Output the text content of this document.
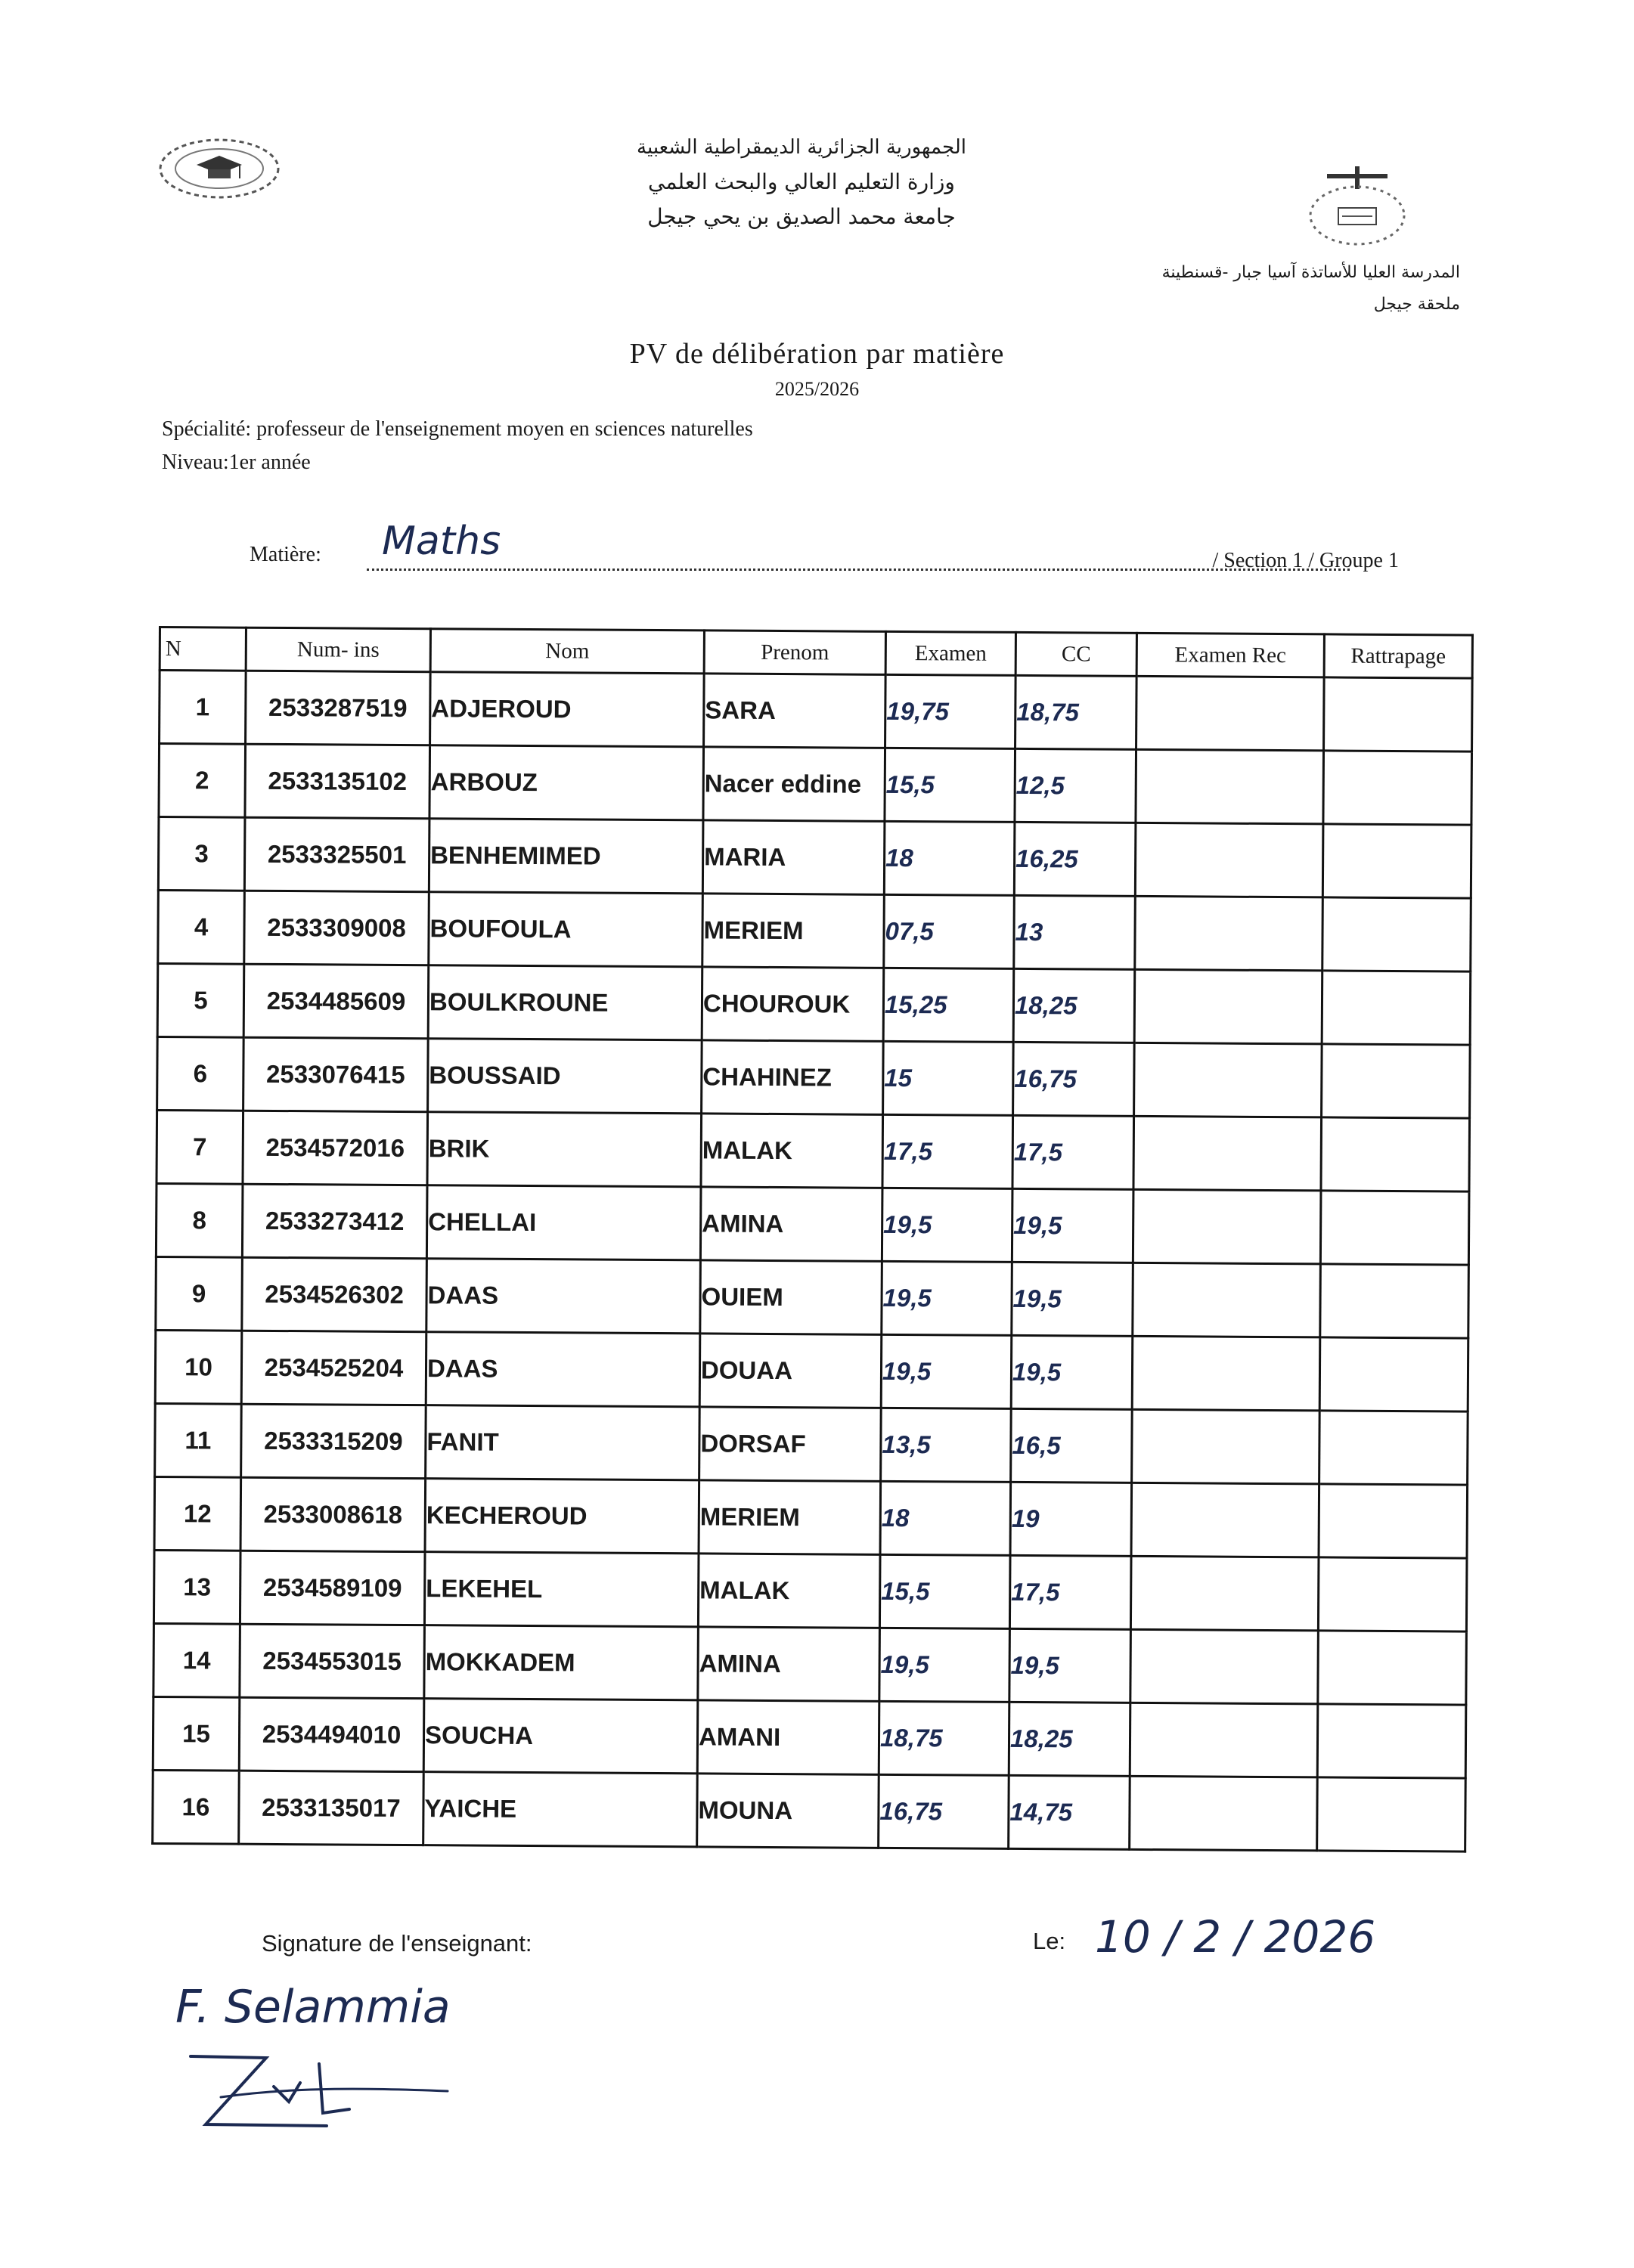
الجمهورية الجزائرية الديمقراطية الشعبية
وزارة التعليم العالي والبحث العلمي
جامعة محمد الصديق بن يحي جيجل
المدرسة العليا للأساتذة آسيا جبار -قسنطينة
ملحقة جيجل
PV de délibération par matière
2025/2026
Spécialité: professeur de l'enseignement moyen en sciences naturelles
Niveau:1er année
Matière: Maths	/ Section 1 / Groupe 1
N	Num- ins	Nom	Prenom	Examen	CC	Examen Rec	Rattrapage
1	2533287519	ADJEROUD	SARA	19,75	18,75		
2	2533135102	ARBOUZ	Nacer eddine	15,5	12,5		
3	2533325501	BENHEMIMED	MARIA	18	16,25		
4	2533309008	BOUFOULA	MERIEM	07,5	13		
5	2534485609	BOULKROUNE	CHOUROUK	15,25	18,25		
6	2533076415	BOUSSAID	CHAHINEZ	15	16,75		
7	2534572016	BRIK	MALAK	17,5	17,5		
8	2533273412	CHELLAI	AMINA	19,5	19,5		
9	2534526302	DAAS	OUIEM	19,5	19,5		
10	2534525204	DAAS	DOUAA	19,5	19,5		
11	2533315209	FANIT	DORSAF	13,5	16,5		
12	2533008618	KECHEROUD	MERIEM	18	19		
13	2534589109	LEKEHEL	MALAK	15,5	17,5		
14	2534553015	MOKKADEM	AMINA	19,5	19,5		
15	2534494010	SOUCHA	AMANI	18,75	18,25		
16	2533135017	YAICHE	MOUNA	16,75	14,75		
Signature de l'enseignant:	Le: 10 / 2 / 2026
F. Selammia
